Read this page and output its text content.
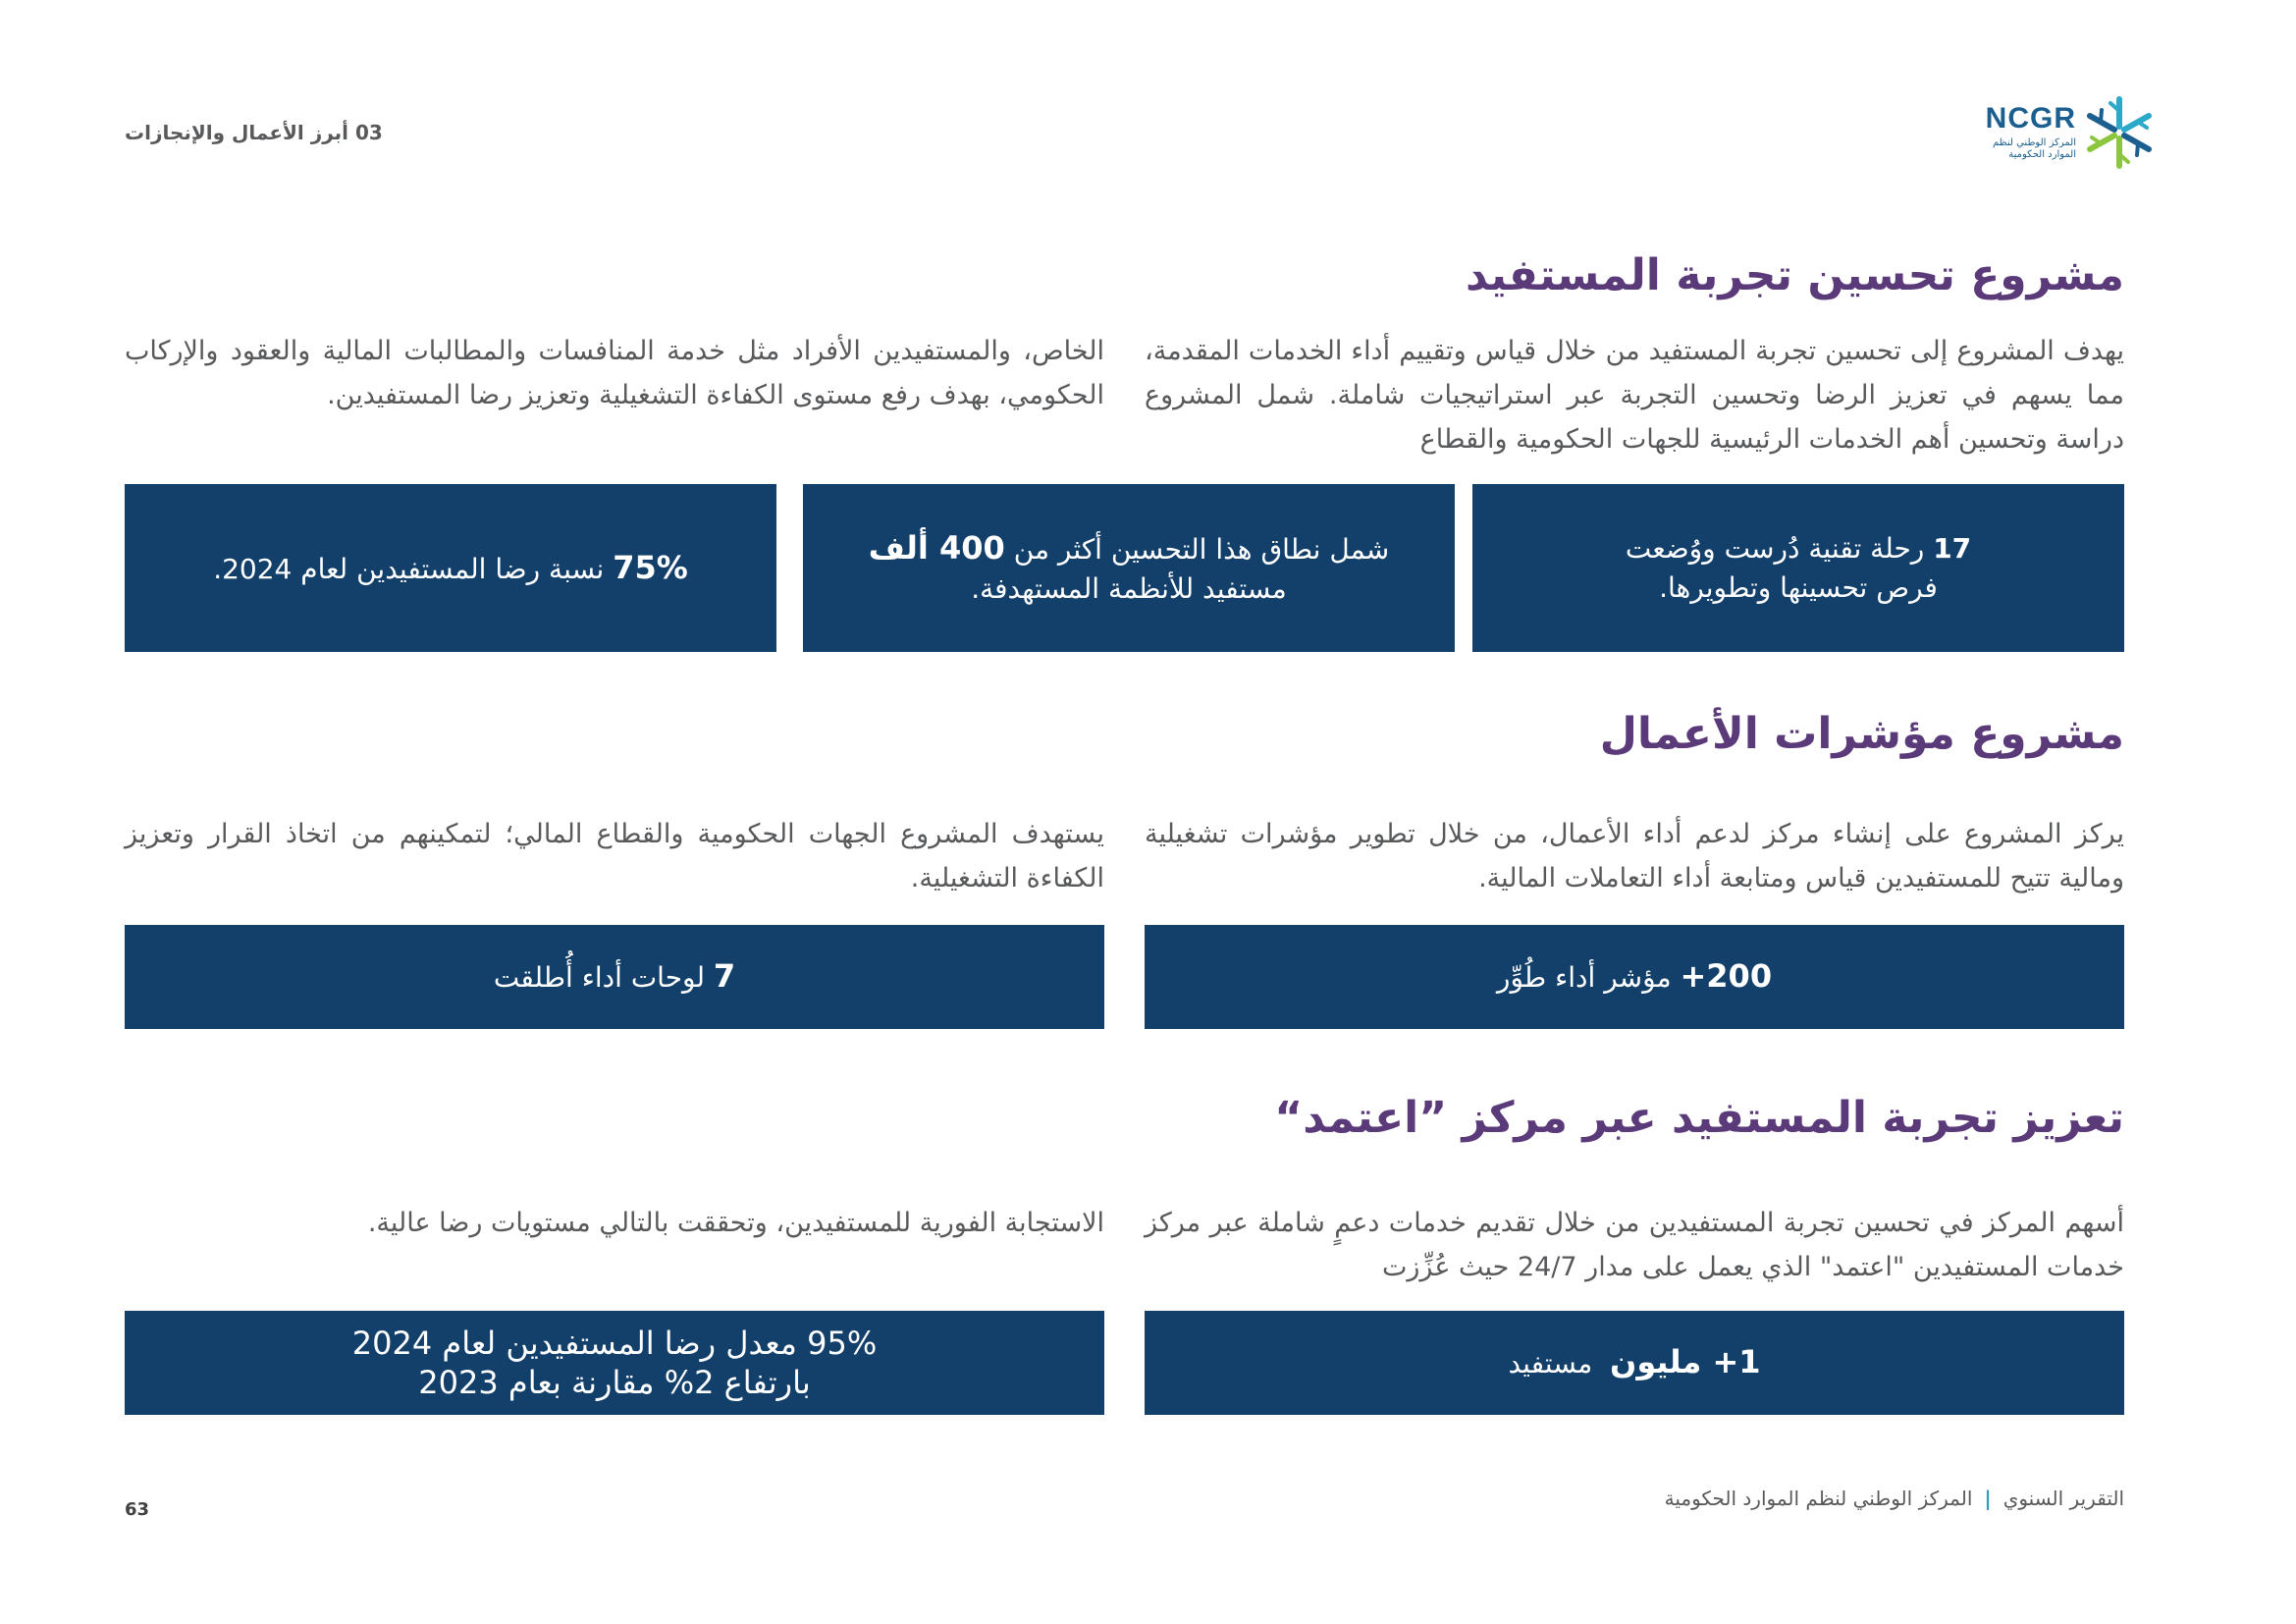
03 أبرز الأعمال والإنجازات	NCGR
المركز الوطني لنظم
الموارد الحكومية
مشروع تحسين تجربة المستفيد
يهدف المشروع إلى تحسين تجربة المستفيد من خلال قياس وتقييم أداء الخدمات المقدمة، مما يسهم في تعزيز الرضا وتحسين التجربة عبر استراتيجيات شاملة. شمل المشروع دراسة وتحسين أهم الخدمات الرئيسية للجهات الحكومية والقطاع
الخاص، والمستفيدين الأفراد مثل خدمة المنافسات والمطالبات المالية والعقود والإركاب الحكومي، بهدف رفع مستوى الكفاءة التشغيلية وتعزيز رضا المستفيدين.
17 رحلة تقنية دُرست ووُضعت
فرص تحسينها وتطويرها.
شمل نطاق هذا التحسين أكثر من 400 ألف
مستفيد للأنظمة المستهدفة.
75% نسبة رضا المستفيدين لعام 2024.
مشروع مؤشرات الأعمال
يركز المشروع على إنشاء مركز لدعم أداء الأعمال، من خلال تطوير مؤشرات تشغيلية ومالية تتيح للمستفيدين قياس ومتابعة أداء التعاملات المالية.
يستهدف المشروع الجهات الحكومية والقطاع المالي؛ لتمكينهم من اتخاذ القرار وتعزيز الكفاءة التشغيلية.
200+ مؤشر أداء طُوِّر
7 لوحات أداء أُطلقت
تعزيز تجربة المستفيد عبر مركز ”اعتمد“
أسهم المركز في تحسين تجربة المستفيدين من خلال تقديم خدمات دعمٍ شاملة عبر مركز خدمات المستفيدين "اعتمد" الذي يعمل على مدار 24/7 حيث عُزِّزت
الاستجابة الفورية للمستفيدين، وتحققت بالتالي مستويات رضا عالية.
1+ مليون  مستفيد
95% معدل رضا المستفيدين لعام 2024
بارتفاع 2% مقارنة بعام 2023
63	التقرير السنوي|المركز الوطني لنظم الموارد الحكومية
